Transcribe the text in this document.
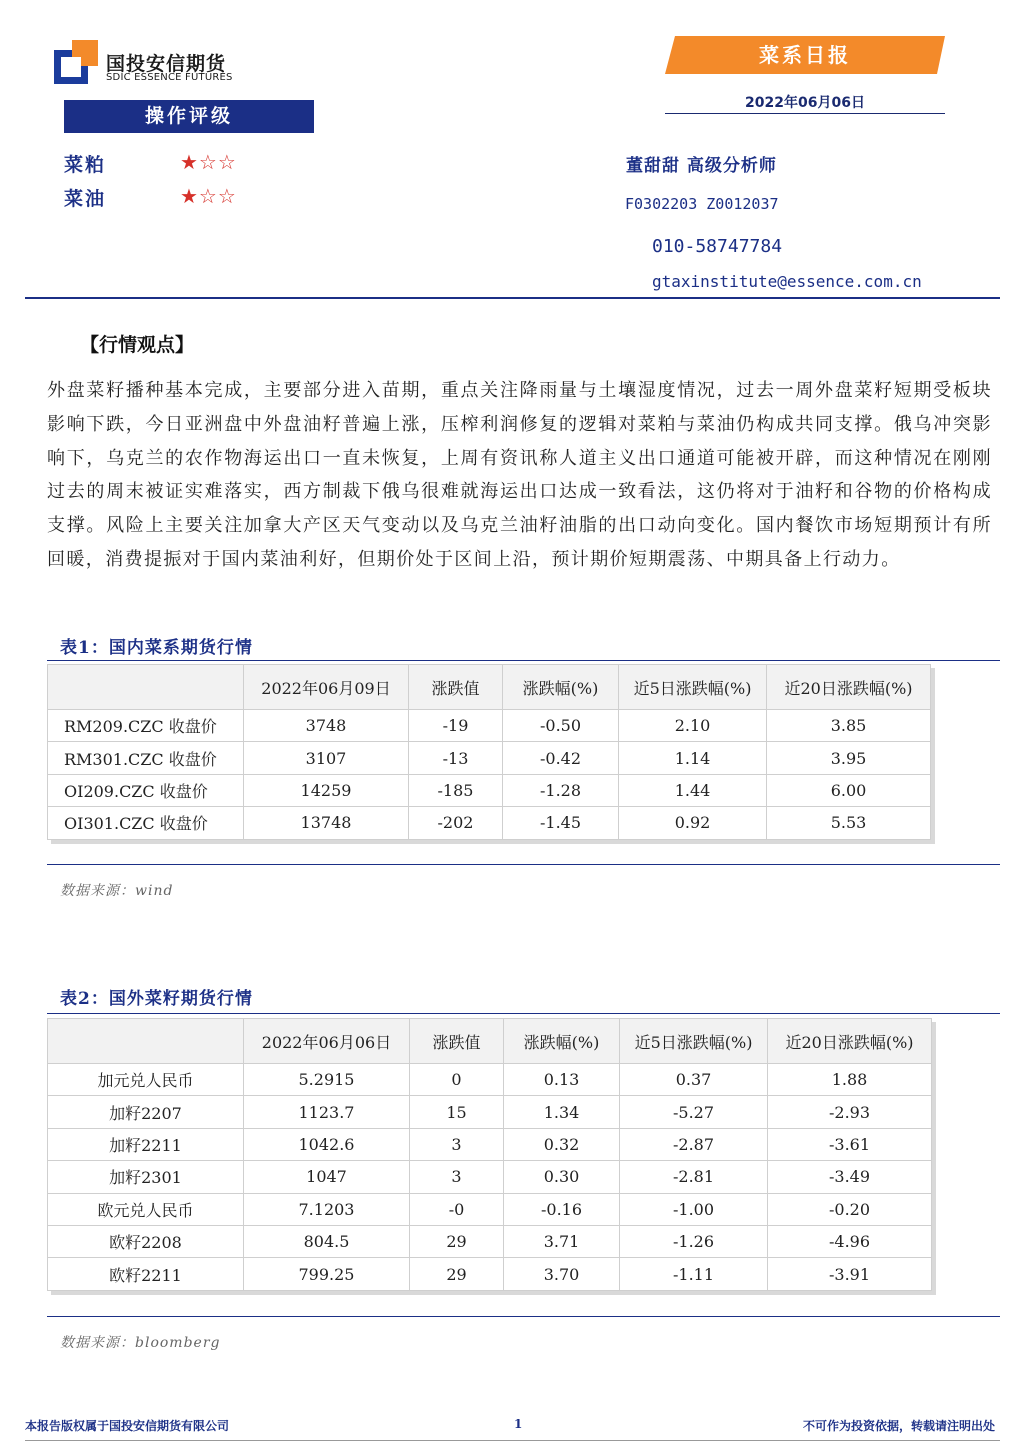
国投安信期货
SDIC ESSENCE FUTURES
菜系日报
2022年06月06日
操作评级
菜粕	★☆☆
菜油	★☆☆
董甜甜 高级分析师
F0302203 Z0012037
010-58747784
gtaxinstitute@essence.com.cn
【行情观点】
外盘菜籽播种基本完成，主要部分进入苗期，重点关注降雨量与土壤湿度情况，过去一周外盘菜籽短期受板块影响下跌，今日亚洲盘中外盘油籽普遍上涨，压榨利润修复的逻辑对菜粕与菜油仍构成共同支撑。俄乌冲突影响下，乌克兰的农作物海运出口一直未恢复，上周有资讯称人道主义出口通道可能被开辟，而这种情况在刚刚过去的周末被证实难落实，西方制裁下俄乌很难就海运出口达成一致看法，这仍将对于油籽和谷物的价格构成支撑。风险上主要关注加拿大产区天气变动以及乌克兰油籽油脂的出口动向变化。国内餐饮市场短期预计有所回暖，消费提振对于国内菜油利好，但期价处于区间上沿，预计期价短期震荡、中期具备上行动力。
表1：国内菜系期货行情
	2022年06月09日	涨跌值	涨跌幅(%)	近5日涨跌幅(%)	近20日涨跌幅(%)
RM209.CZC 收盘价	3748	-19	-0.50	2.10	3.85
RM301.CZC 收盘价	3107	-13	-0.42	1.14	3.95
OI209.CZC 收盘价	14259	-185	-1.28	1.44	6.00
OI301.CZC 收盘价	13748	-202	-1.45	0.92	5.53
数据来源：wind
表2：国外菜籽期货行情
	2022年06月06日	涨跌值	涨跌幅(%)	近5日涨跌幅(%)	近20日涨跌幅(%)
加元兑人民币	5.2915	0	0.13	0.37	1.88
加籽2207	1123.7	15	1.34	-5.27	-2.93
加籽2211	1042.6	3	0.32	-2.87	-3.61
加籽2301	1047	3	0.30	-2.81	-3.49
欧元兑人民币	7.1203	-0	-0.16	-1.00	-0.20
欧籽2208	804.5	29	3.71	-1.26	-4.96
欧籽2211	799.25	29	3.70	-1.11	-3.91
数据来源：bloomberg
本报告版权属于国投安信期货有限公司	1	不可作为投资依据，转载请注明出处
